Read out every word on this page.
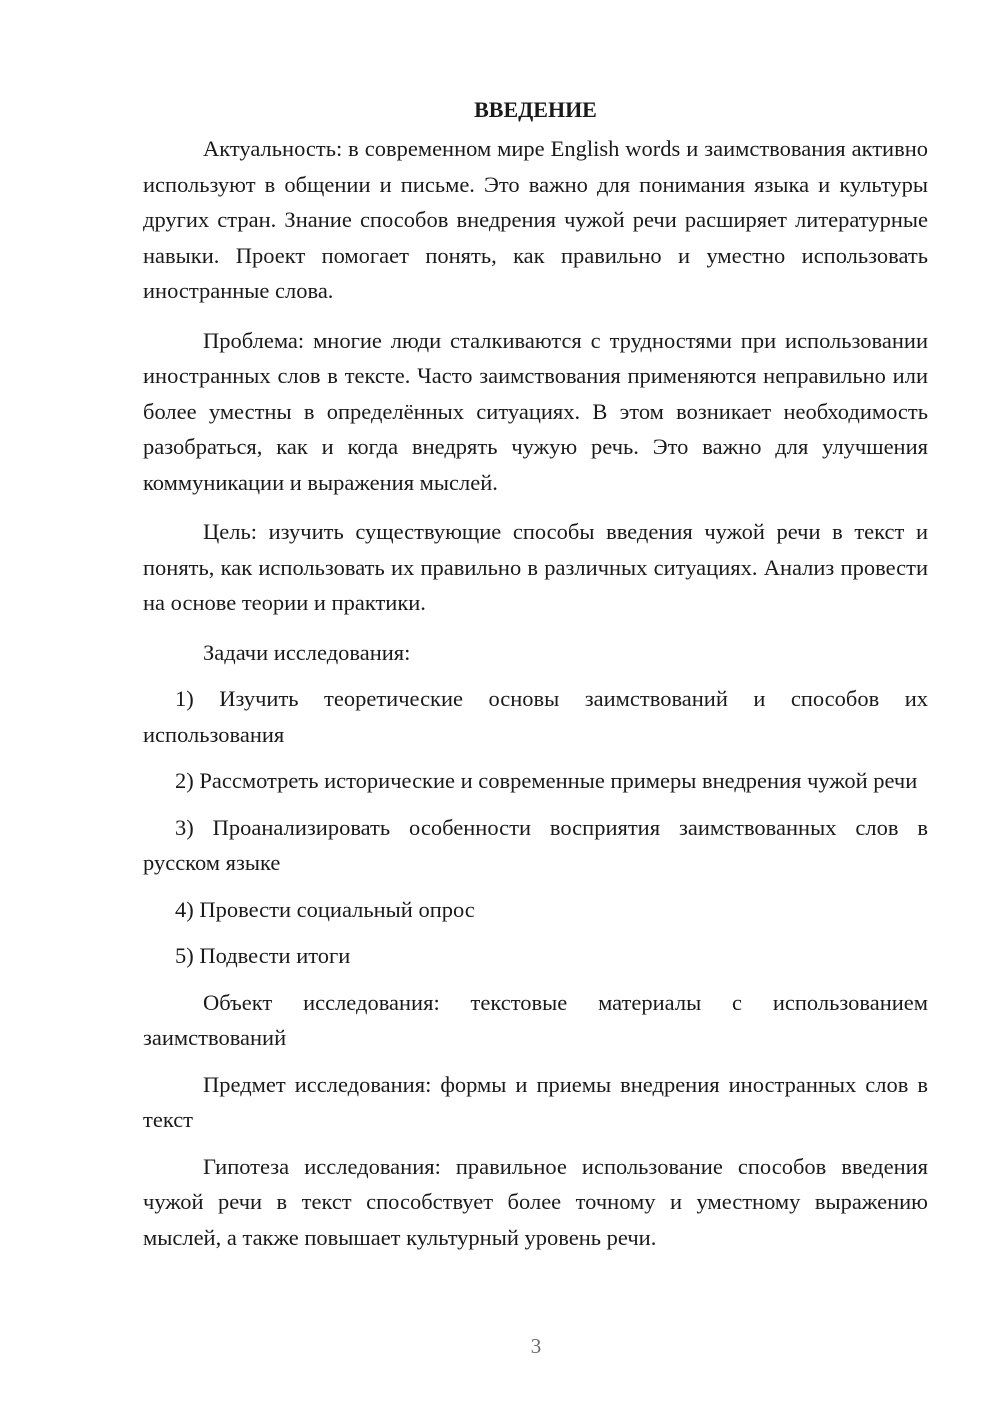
ВВЕДЕНИЕ

Актуальность: в современном мире English words и заимствования активно используют в общении и письме. Это важно для понимания языка и культуры других стран. Знание способов внедрения чужой речи расширяет литературные навыки. Проект помогает понять, как правильно и уместно использовать иностранные слова.

Проблема: многие люди сталкиваются с трудностями при использовании иностранных слов в тексте. Часто заимствования применяются неправильно или более уместны в определённых ситуациях. В этом возникает необходимость разобраться, как и когда внедрять чужую речь. Это важно для улучшения коммуникации и выражения мыслей.

Цель: изучить существующие способы введения чужой речи в текст и понять, как использовать их правильно в различных ситуациях. Анализ провести на основе теории и практики.

Задачи исследования:

1) Изучить теоретические основы заимствований и способов их использования

2) Рассмотреть исторические и современные примеры внедрения чужой речи

3) Проанализировать особенности восприятия заимствованных слов в русском языке

4) Провести социальный опрос

5) Подвести итоги

Объект исследования: текстовые материалы с использованием заимствований

Предмет исследования: формы и приемы внедрения иностранных слов в текст

Гипотеза исследования: правильное использование способов введения чужой речи в текст способствует более точному и уместному выражению мыслей, а также повышает культурный уровень речи.

3
